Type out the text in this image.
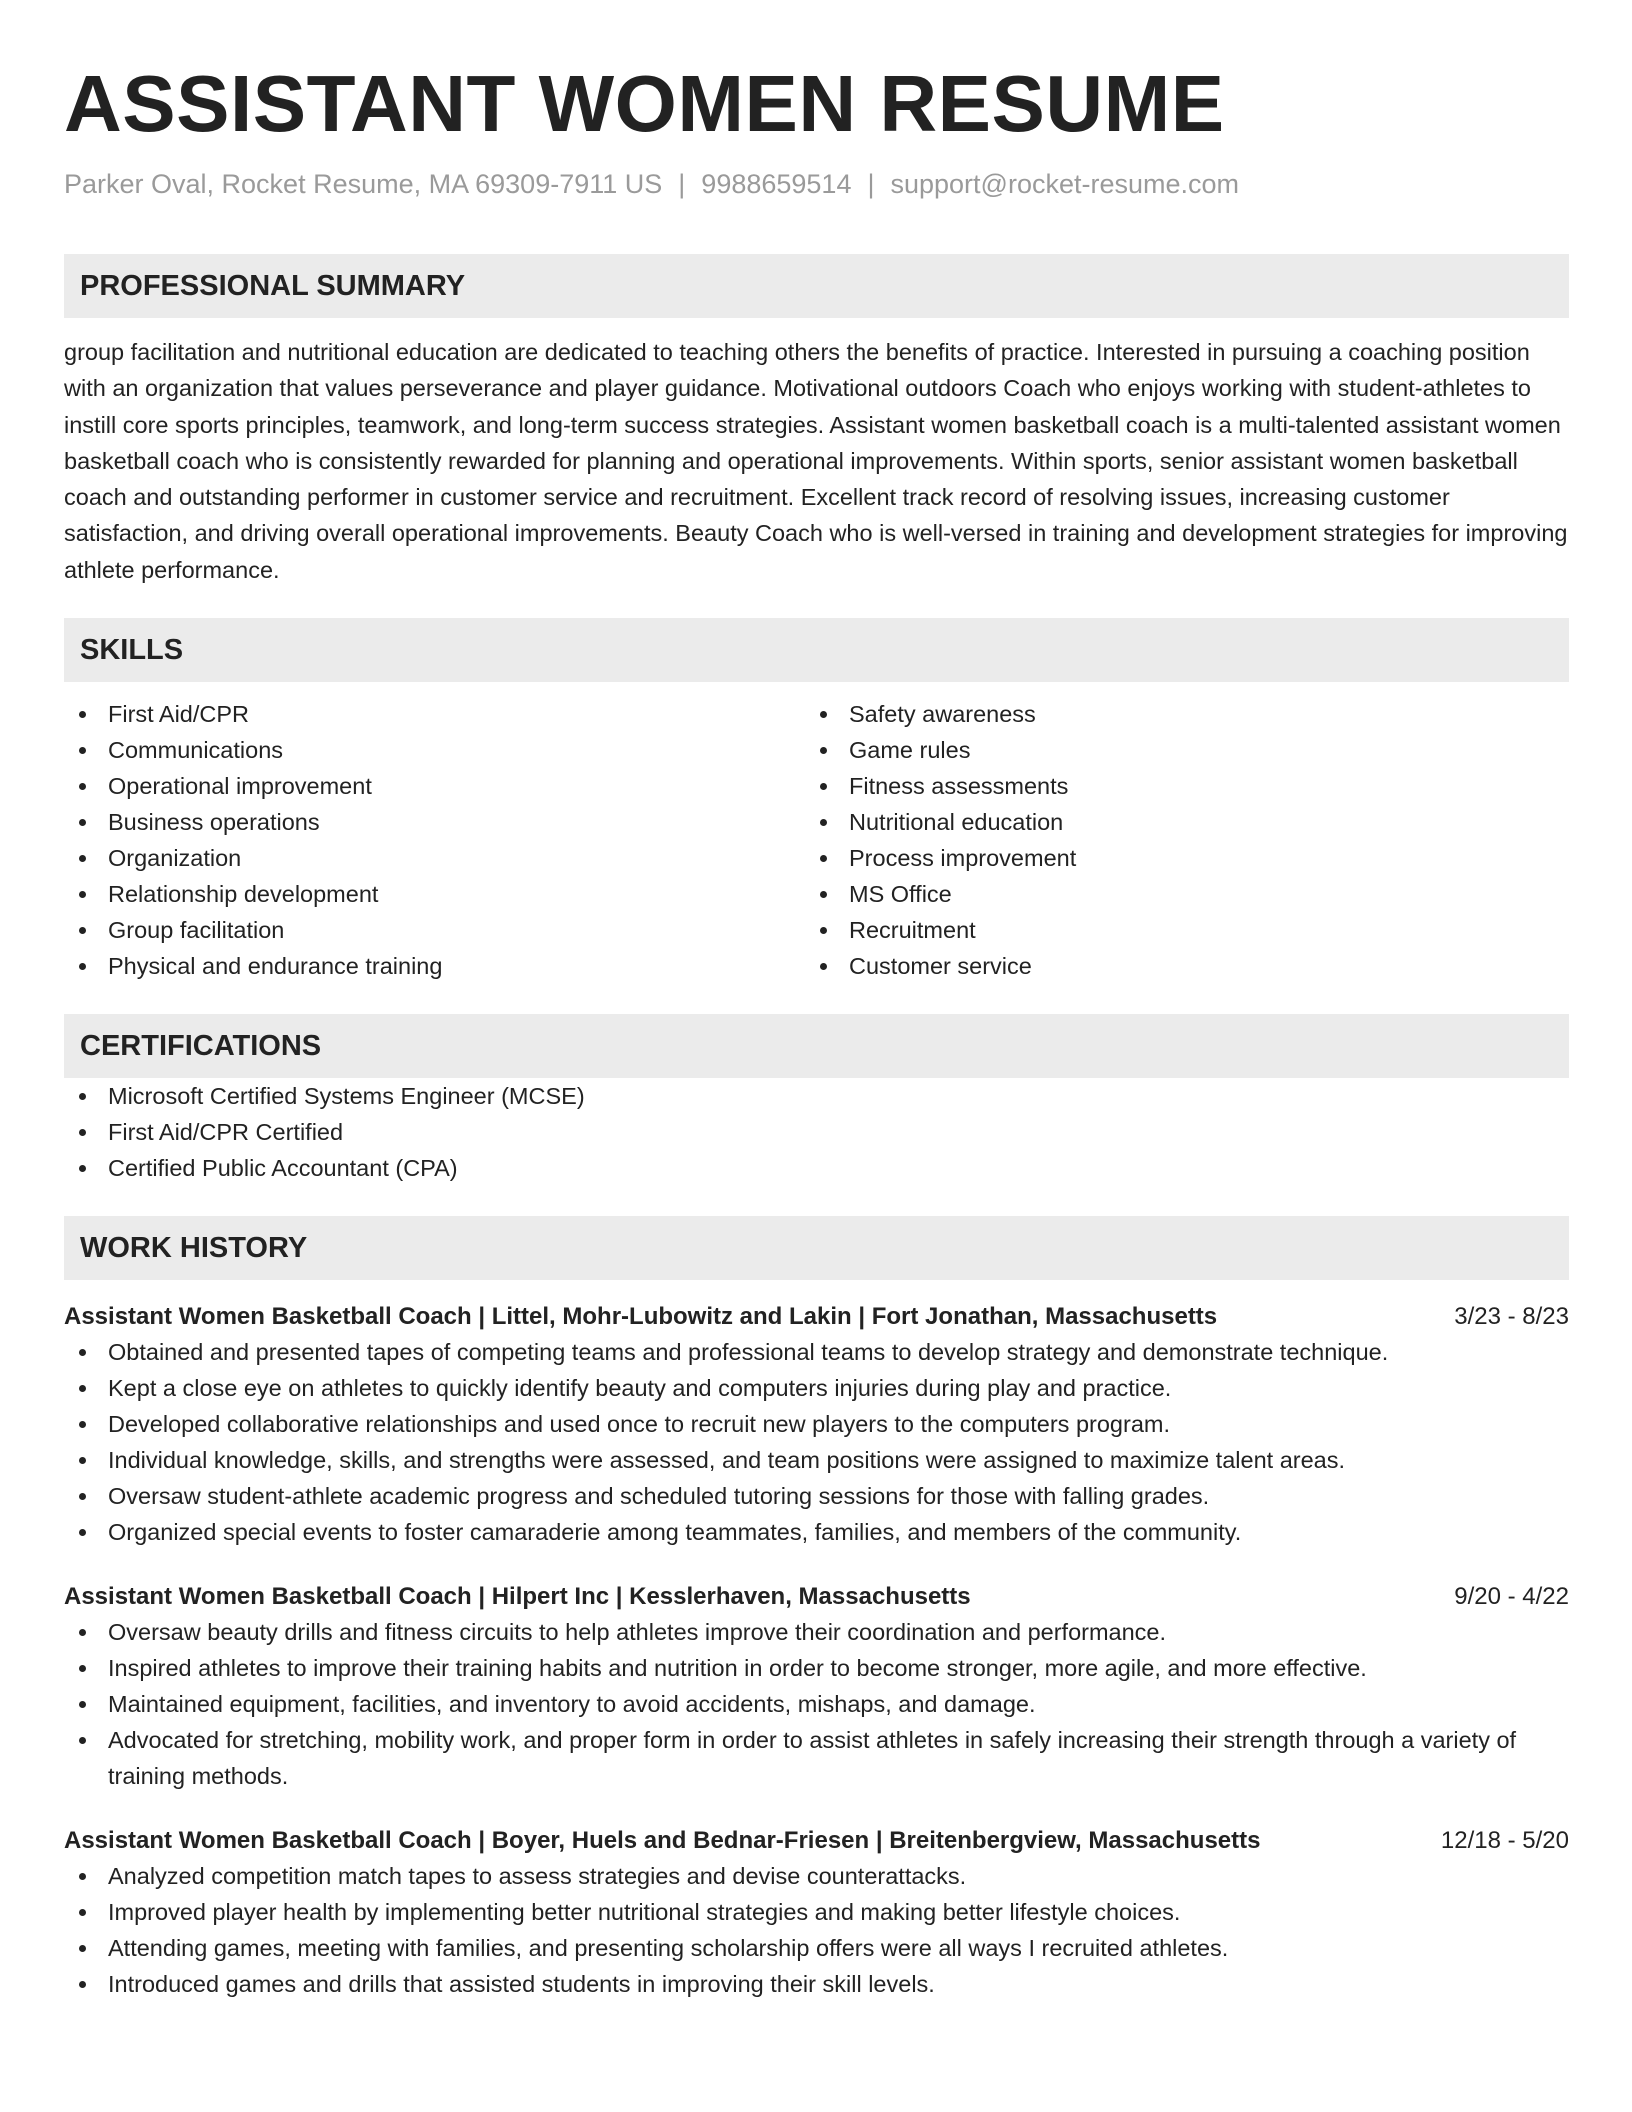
ASSISTANT WOMEN RESUME
Parker Oval, Rocket Resume, MA 69309-7911 US | 9988659514 | support@rocket-resume.com
PROFESSIONAL SUMMARY
group facilitation and nutritional education are dedicated to teaching others the benefits of practice. Interested in pursuing a coaching position with an organization that values perseverance and player guidance. Motivational outdoors Coach who enjoys working with student-athletes to instill core sports principles, teamwork, and long-term success strategies. Assistant women basketball coach is a multi-talented assistant women basketball coach who is consistently rewarded for planning and operational improvements. Within sports, senior assistant women basketball coach and outstanding performer in customer service and recruitment. Excellent track record of resolving issues, increasing customer satisfaction, and driving overall operational improvements. Beauty Coach who is well-versed in training and development strategies for improving athlete performance.
SKILLS
First Aid/CPR
Communications
Operational improvement
Business operations
Organization
Relationship development
Group facilitation
Physical and endurance training
Safety awareness
Game rules
Fitness assessments
Nutritional education
Process improvement
MS Office
Recruitment
Customer service
CERTIFICATIONS
Microsoft Certified Systems Engineer (MCSE)
First Aid/CPR Certified
Certified Public Accountant (CPA)
WORK HISTORY
Assistant Women Basketball Coach | Littel, Mohr-Lubowitz and Lakin | Fort Jonathan, Massachusetts	3/23 - 8/23
Obtained and presented tapes of competing teams and professional teams to develop strategy and demonstrate technique.
Kept a close eye on athletes to quickly identify beauty and computers injuries during play and practice.
Developed collaborative relationships and used once to recruit new players to the computers program.
Individual knowledge, skills, and strengths were assessed, and team positions were assigned to maximize talent areas.
Oversaw student-athlete academic progress and scheduled tutoring sessions for those with falling grades.
Organized special events to foster camaraderie among teammates, families, and members of the community.
Assistant Women Basketball Coach | Hilpert Inc | Kesslerhaven, Massachusetts	9/20 - 4/22
Oversaw beauty drills and fitness circuits to help athletes improve their coordination and performance.
Inspired athletes to improve their training habits and nutrition in order to become stronger, more agile, and more effective.
Maintained equipment, facilities, and inventory to avoid accidents, mishaps, and damage.
Advocated for stretching, mobility work, and proper form in order to assist athletes in safely increasing their strength through a variety of training methods.
Assistant Women Basketball Coach | Boyer, Huels and Bednar-Friesen | Breitenbergview, Massachusetts	12/18 - 5/20
Analyzed competition match tapes to assess strategies and devise counterattacks.
Improved player health by implementing better nutritional strategies and making better lifestyle choices.
Attending games, meeting with families, and presenting scholarship offers were all ways I recruited athletes.
Introduced games and drills that assisted students in improving their skill levels.
